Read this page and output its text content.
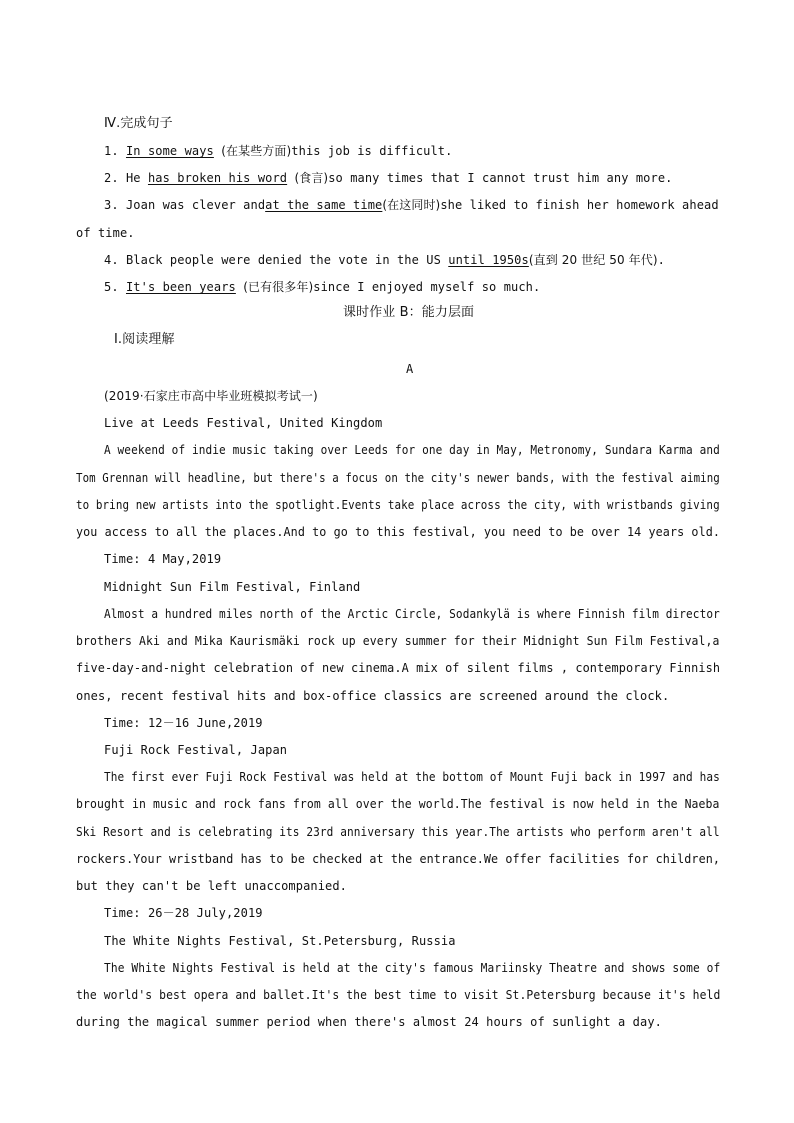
Ⅳ.完成句子
1. In some ways (在某些方面)this job is difficult.
2. He has broken his word (食言)so many times that I cannot trust him any more.
3. Joan was clever and at the same time (在这同时)she liked to finish her homework ahead
of time.
4. Black people were denied the vote in the US until 1950s(直到 20 世纪 50 年代).
5. It's been years (已有很多年)since I enjoyed myself so much.
课时作业 B：能力层面
Ⅰ.阅读理解
A
(2019·石家庄市高中毕业班模拟考试一)
Live at Leeds Festival, United Kingdom
A weekend of indie music taking over Leeds for one day in May, Metronomy, Sundara Karma and
Tom Grennan will headline, but there's a focus on the city's newer bands, with the festival aiming
to bring new artists into the spotlight.Events take place across the city, with wristbands giving
you access to all the places.And to go to this festival, you need to be over 14 years old.
Time: 4 May,2019
Midnight Sun Film Festival, Finland
Almost a hundred miles north of the Arctic Circle, Sodankylä is where Finnish film director
brothers Aki and Mika Kaurismäki rock up every summer for their Midnight Sun Film Festival,a
five-day-and-night celebration of new cinema.A mix of silent films , contemporary Finnish
ones, recent festival hits and box-office classics are screened around the clock.
Time: 12－16 June,2019
Fuji Rock Festival, Japan
The first ever Fuji Rock Festival was held at the bottom of Mount Fuji back in 1997 and has
brought in music and rock fans from all over the world.The festival is now held in the Naeba
Ski Resort and is celebrating its 23rd anniversary this year.The artists who perform aren't all
rockers.Your wristband has to be checked at the entrance.We offer facilities for children,
but they can't be left unaccompanied.
Time: 26－28 July,2019
The White Nights Festival, St.Petersburg, Russia
The White Nights Festival is held at the city's famous Mariinsky Theatre and shows some of
the world's best opera and ballet.It's the best time to visit St.Petersburg because it's held
during the magical summer period when there's almost 24 hours of sunlight a day.
